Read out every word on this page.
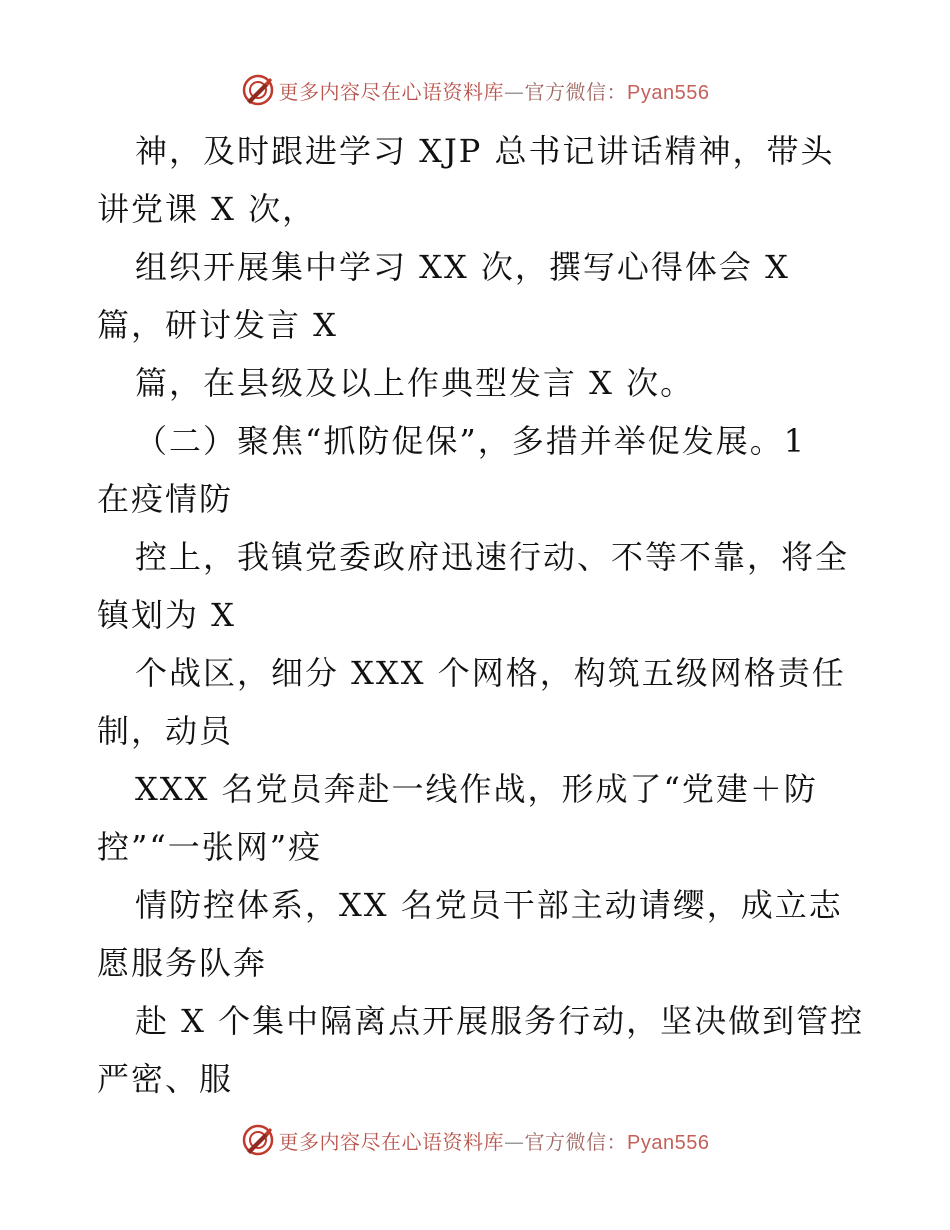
更多内容尽在心语资料库—官方微信：Pyan556
神，及时跟进学习 XJP 总书记讲话精神，带头
讲党课 X 次，
组织开展集中学习 XX 次，撰写心得体会 X
篇，研讨发言 X
篇，在县级及以上作典型发言 X 次。
（二）聚焦“抓防促保”，多措并举促发展。1
在疫情防
控上，我镇党委政府迅速行动、不等不靠，将全
镇划为 X
个战区，细分 XXX 个网格，构筑五级网格责任
制，动员
XXX 名党员奔赴一线作战，形成了“党建＋防
控”“一张网”疫
情防控体系，XX 名党员干部主动请缨，成立志
愿服务队奔
赴 X 个集中隔离点开展服务行动，坚决做到管控
严密、服
更多内容尽在心语资料库—官方微信：Pyan556
